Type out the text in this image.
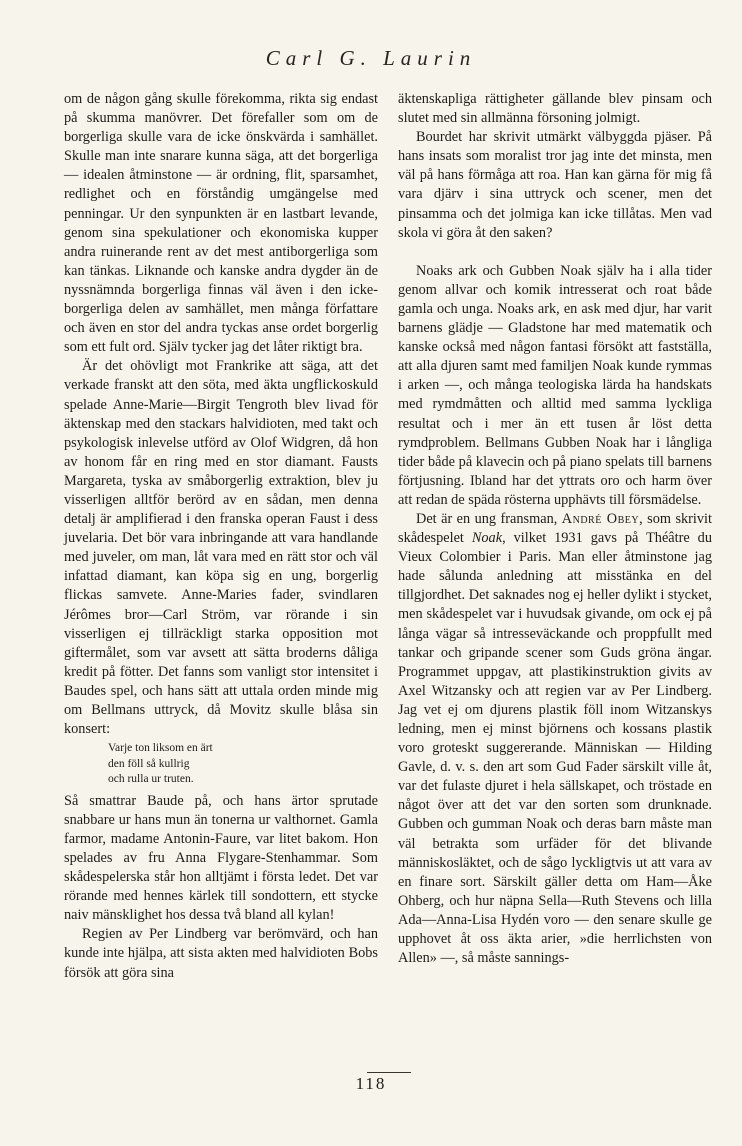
Carl G. Laurin

om de någon gång skulle förekomma, rikta sig endast på skumma manövrer. Det förefaller som om de borgerliga skulle vara de icke önskvärda i samhället. Skulle man inte snarare kunna säga, att det borgerliga — idealen åtminstone — är ordning, flit, sparsamhet, redlighet och en förståndig umgängelse med penningar. Ur den synpunkten är en lastbart levande, genom sina spekulationer och ekonomiska kupper andra ruinerande rent av det mest antiborgerliga som kan tänkas. Liknande och kanske andra dygder än de nyssnämnda borgerliga finnas väl även i den icke-borgerliga delen av samhället, men många författare och även en stor del andra tyckas anse ordet borgerlig som ett fult ord. Själv tycker jag det låter riktigt bra.

Är det ohövligt mot Frankrike att säga, att det verkade franskt att den söta, med äkta ungflickoskuld spelade Anne-Marie—Birgit Tengroth blev livad för äktenskap med den stackars halvidioten, med takt och psykologisk inlevelse utförd av Olof Widgren, då hon av honom får en ring med en stor diamant. Fausts Margareta, tyska av småborgerlig extraktion, blev ju visserligen alltför berörd av en sådan, men denna detalj är amplifierad i den franska operan Faust i dess juvelaria. Det bör vara inbringande att vara handlande med juveler, om man, låt vara med en rätt stor och väl infattad diamant, kan köpa sig en ung, borgerlig flickas samvete. Anne-Maries fader, svindlaren Jérômes bror—Carl Ström, var rörande i sin visserligen ej tillräckligt starka opposition mot giftermålet, som var avsett att sätta broderns dåliga kredit på fötter. Det fanns som vanligt stor intensitet i Baudes spel, och hans sätt att uttala orden minde mig om Bellmans uttryck, då Movitz skulle blåsa sin konsert:

Varje ton liksom en ärt
den föll så kullrig
och rulla ur truten.

Så smattrar Baude på, och hans ärtor sprutade snabbare ur hans mun än tonerna ur valthornet. Gamla farmor, madame Antonin-Faure, var litet bakom. Hon spelades av fru Anna Flygare-Stenhammar. Som skådespelerska står hon alltjämt i första ledet. Det var rörande med hennes kärlek till sondottern, ett stycke naiv mänsklighet hos dessa två bland all kylan!

Regien av Per Lindberg var berömvärd, och han kunde inte hjälpa, att sista akten med halvidioten Bobs försök att göra sina

äktenskapliga rättigheter gällande blev pinsam och slutet med sin allmänna försoning jolmigt.

Bourdet har skrivit utmärkt välbyggda pjäser. På hans insats som moralist tror jag inte det minsta, men väl på hans förmåga att roa. Han kan gärna för mig få vara djärv i sina uttryck och scener, men det pinsamma och det jolmiga kan icke tillåtas. Men vad skola vi göra åt den saken?

Noaks ark och Gubben Noak själv ha i alla tider genom allvar och komik intresserat och roat både gamla och unga. Noaks ark, en ask med djur, har varit barnens glädje — Gladstone har med matematik och kanske också med någon fantasi försökt att fastställa, att alla djuren samt med familjen Noak kunde rymmas i arken —, och många teologiska lärda ha handskats med rymdmåtten och alltid med samma lyckliga resultat och i mer än ett tusen år löst detta rymdproblem. Bellmans Gubben Noak har i långliga tider både på klavecin och på piano spelats till barnens förtjusning. Ibland har det yttrats oro och harm över att redan de späda rösterna upphävts till försmädelse.

Det är en ung fransman, André Obey, som skrivit skådespelet Noak, vilket 1931 gavs på Théâtre du Vieux Colombier i Paris. Man eller åtminstone jag hade sålunda anledning att misstänka en del tillgjordhet. Det saknades nog ej heller dylikt i stycket, men skådespelet var i huvudsak givande, om ock ej på långa vägar så intresseväckande och proppfullt med tankar och gripande scener som Guds gröna ängar. Programmet uppgav, att plastikinstruktion givits av Axel Witzansky och att regien var av Per Lindberg. Jag vet ej om djurens plastik föll inom Witzanskys ledning, men ej minst björnens och kossans plastik voro groteskt suggererande. Människan — Hilding Gavle, d. v. s. den art som Gud Fader särskilt ville åt, var det fulaste djuret i hela sällskapet, och tröstade en något över att det var den sorten som drunknade. Gubben och gumman Noak och deras barn måste man väl betrakta som urfäder för det blivande människosläktet, och de sågo lyckligtvis ut att vara av en finare sort. Särskilt gäller detta om Ham—Åke Ohberg, och hur näpna Sella—Ruth Stevens och lilla Ada—Anna-Lisa Hydén voro — den senare skulle ge upphovet åt oss äkta arier, »die herrlichsten von Allen» —, så måste sannings-

118
